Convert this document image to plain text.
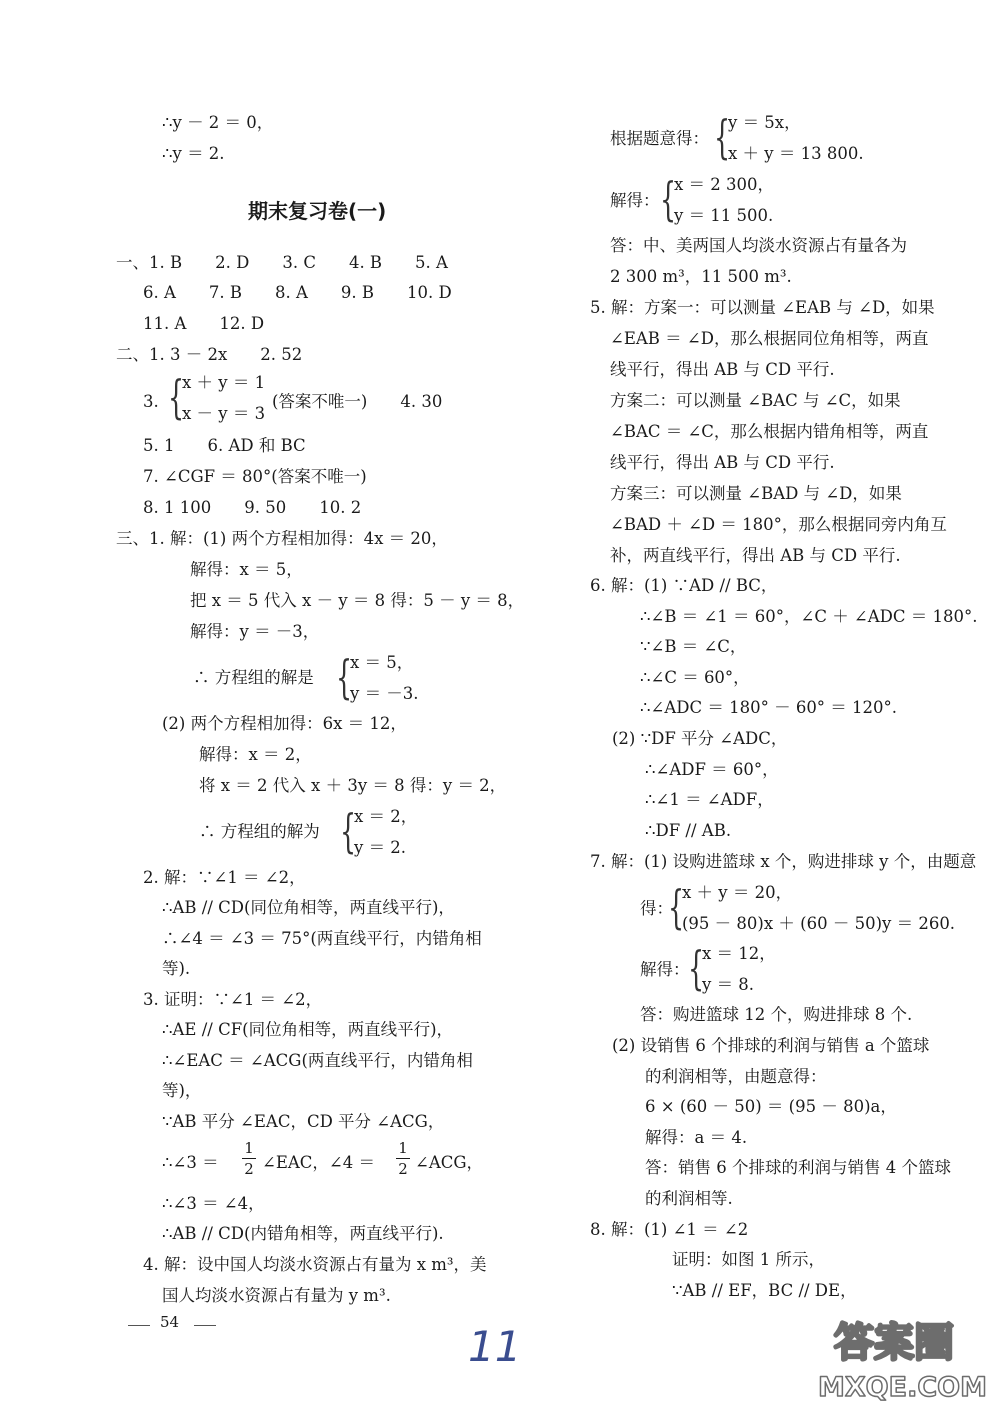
∴y － 2 ＝ 0，
∴y ＝ 2.
期末复习卷(一)
一、1. B　　2. D　　3. C　　4. B　　5. A
6. A　　7. B　　8. A　　9. B　　10. D
11. A　　12. D
二、1. 3 － 2x　　2. 52
3. {
x ＋ y ＝ 1
x － y ＝ 3
(答案不唯一)　　4. 30
5. 1　　6. AD 和 BC
7. ∠CGF ＝ 80°(答案不唯一)
8. 1 100　　9. 50　　10. 2
三、1. 解：(1) 两个方程相加得：4x ＝ 20，
解得：x ＝ 5，
把 x ＝ 5 代入 x － y ＝ 8 得：5 － y ＝ 8，
解得：y ＝ －3，
∴ 方程组的解是 {
x ＝ 5，
y ＝ －3.
(2) 两个方程相加得：6x ＝ 12，
解得：x ＝ 2，
将 x ＝ 2 代入 x ＋ 3y ＝ 8 得：y ＝ 2，
∴ 方程组的解为 {
x ＝ 2，
y ＝ 2.
2. 解：∵∠1 ＝ ∠2，
∴AB // CD(同位角相等，两直线平行)，
∴∠4 ＝ ∠3 ＝ 75°(两直线平行，内错角相
等).
3. 证明：∵∠1 ＝ ∠2，
∴AE // CF(同位角相等，两直线平行)，
∴∠EAC ＝ ∠ACG(两直线平行，内错角相
等)，
∵AB 平分 ∠EAC，CD 平分 ∠ACG，
∴∠3 ＝
1
2 ∠EAC，∠4 ＝
1
2 ∠ACG，
∴∠3 ＝ ∠4，
∴AB // CD(内错角相等，两直线平行).
4. 解：设中国人均淡水资源占有量为 x m³，美
国人均淡水资源占有量为 y m³.
54	11
根据题意得： {
y ＝ 5x，
x ＋ y ＝ 13 800.
解得： {
x ＝ 2 300，
y ＝ 11 500.
答：中、美两国人均淡水资源占有量各为
2 300 m³，11 500 m³.
5. 解：方案一：可以测量 ∠EAB 与 ∠D，如果
∠EAB ＝ ∠D，那么根据同位角相等，两直
线平行，得出 AB 与 CD 平行.
方案二：可以测量 ∠BAC 与 ∠C，如果
∠BAC ＝ ∠C，那么根据内错角相等，两直
线平行，得出 AB 与 CD 平行.
方案三：可以测量 ∠BAD 与 ∠D，如果
∠BAD ＋ ∠D ＝ 180°，那么根据同旁内角互
补，两直线平行，得出 AB 与 CD 平行.
6. 解：(1) ∵AD // BC，
∴∠B ＝ ∠1 ＝ 60°，∠C ＋ ∠ADC ＝ 180°.
∵∠B ＝ ∠C，
∴∠C ＝ 60°，
∴∠ADC ＝ 180° － 60° ＝ 120°.
(2) ∵DF 平分 ∠ADC，
∴∠ADF ＝ 60°，
∴∠1 ＝ ∠ADF，
∴DF // AB.
7. 解：(1) 设购进篮球 x 个，购进排球 y 个，由题意
得：
{
x ＋ y ＝ 20，
(95 － 80)x ＋ (60 － 50)y ＝ 260.
解得：
{
x ＝ 12，
y ＝ 8.
答：购进篮球 12 个，购进排球 8 个.
(2) 设销售 6 个排球的利润与销售 a 个篮球
的利润相等，由题意得：
6 × (60 － 50) ＝ (95 － 80)a，
解得：a ＝ 4.
答：销售 6 个排球的利润与销售 4 个篮球
的利润相等.
8. 解：(1) ∠1 ＝ ∠2
证明：如图 1 所示，
∵AB // EF，BC // DE，
答案圈
MXQE.COM
